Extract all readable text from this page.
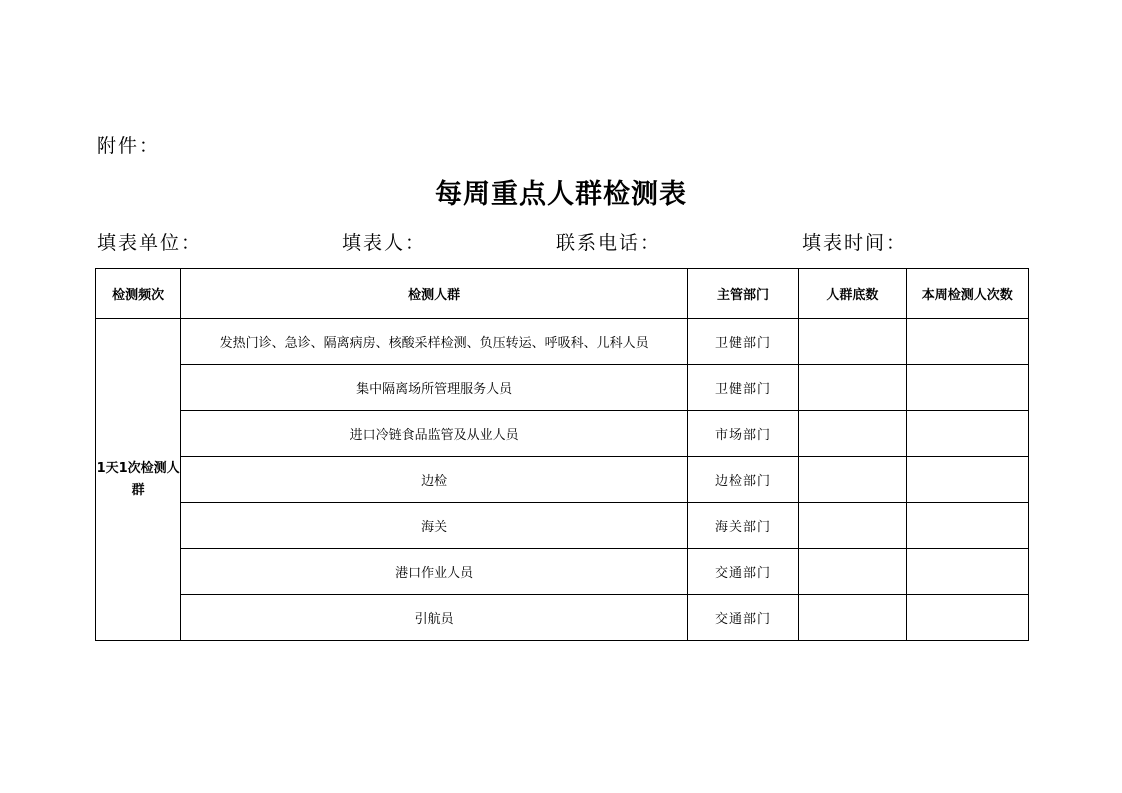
附件：
每周重点人群检测表
填表单位：	填表人：	联系电话：	填表时间：
检测频次	检测人群	主管部门	人群底数	本周检测人次数
1天1次检测人群	发热门诊、急诊、隔离病房、核酸采样检测、负压转运、呼吸科、儿科人员	卫健部门		
	集中隔离场所管理服务人员	卫健部门		
	进口冷链食品监管及从业人员	市场部门		
	边检	边检部门		
	海关	海关部门		
	港口作业人员	交通部门		
	引航员	交通部门		
